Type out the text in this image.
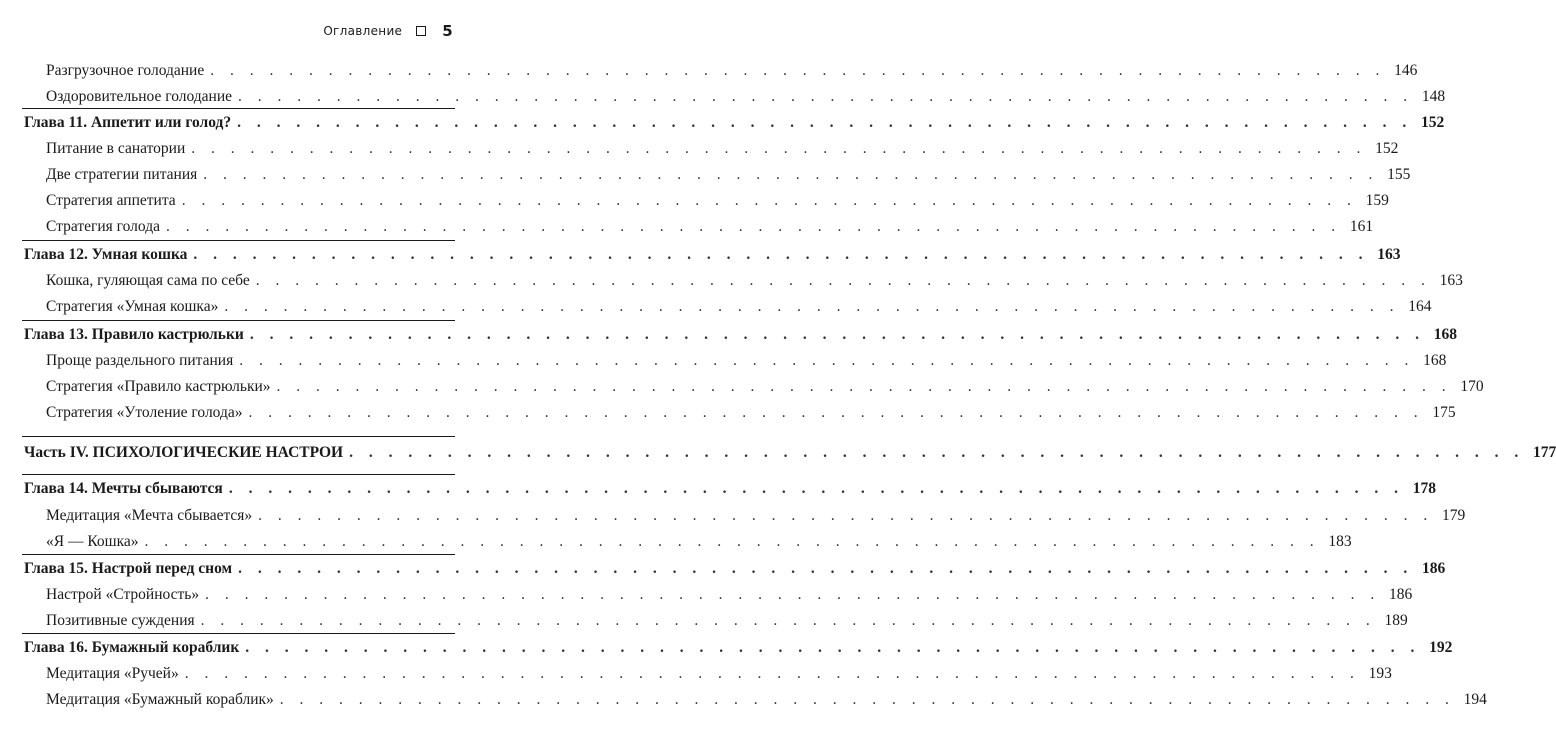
Оглавление	5
Разгрузочное голодание . . . . . . . . . . . . . . . . . . . . . . . . . . . . . . . . . . . . . . . . . . . . . . . . . . . . . . . . . . . . 146
Оздоровительное голодание . . . . . . . . . . . . . . . . . . . . . . . . . . . . . . . . . . . . . . . . . . . . . . . . . . . . . . . . . . . . 148
Глава 11. Аппетит или голод? . . . . . . . . . . . . . . . . . . . . . . . . . . . . . . . . . . . . . . . . . . . . . . . . . . . . . . . . . . . . 152
Питание в санатории . . . . . . . . . . . . . . . . . . . . . . . . . . . . . . . . . . . . . . . . . . . . . . . . . . . . . . . . . . . . 152
Две стратегии питания . . . . . . . . . . . . . . . . . . . . . . . . . . . . . . . . . . . . . . . . . . . . . . . . . . . . . . . . . . . . 155
Стратегия аппетита . . . . . . . . . . . . . . . . . . . . . . . . . . . . . . . . . . . . . . . . . . . . . . . . . . . . . . . . . . . . 159
Стратегия голода . . . . . . . . . . . . . . . . . . . . . . . . . . . . . . . . . . . . . . . . . . . . . . . . . . . . . . . . . . . . 161
Глава 12. Умная кошка . . . . . . . . . . . . . . . . . . . . . . . . . . . . . . . . . . . . . . . . . . . . . . . . . . . . . . . . . . . . 163
Кошка, гуляющая сама по себе . . . . . . . . . . . . . . . . . . . . . . . . . . . . . . . . . . . . . . . . . . . . . . . . . . . . . . . . . . . . 163
Стратегия «Умная кошка» . . . . . . . . . . . . . . . . . . . . . . . . . . . . . . . . . . . . . . . . . . . . . . . . . . . . . . . . . . . . 164
Глава 13. Правило кастрюльки . . . . . . . . . . . . . . . . . . . . . . . . . . . . . . . . . . . . . . . . . . . . . . . . . . . . . . . . . . . . 168
Проще раздельного питания . . . . . . . . . . . . . . . . . . . . . . . . . . . . . . . . . . . . . . . . . . . . . . . . . . . . . . . . . . . . 168
Стратегия «Правило кастрюльки» . . . . . . . . . . . . . . . . . . . . . . . . . . . . . . . . . . . . . . . . . . . . . . . . . . . . . . . . . . . . 170
Стратегия «Утоление голода» . . . . . . . . . . . . . . . . . . . . . . . . . . . . . . . . . . . . . . . . . . . . . . . . . . . . . . . . . . . . 175
Часть IV. ПСИХОЛОГИЧЕСКИЕ НАСТРОИ . . . . . . . . . . . . . . . . . . . . . . . . . . . . . . . . . . . . . . . . . . . . . . . . . . . . . . . . . . . . 177
Глава 14. Мечты сбываются . . . . . . . . . . . . . . . . . . . . . . . . . . . . . . . . . . . . . . . . . . . . . . . . . . . . . . . . . . . . 178
Медитация «Мечта сбывается» . . . . . . . . . . . . . . . . . . . . . . . . . . . . . . . . . . . . . . . . . . . . . . . . . . . . . . . . . . . . 179
«Я — Кошка» . . . . . . . . . . . . . . . . . . . . . . . . . . . . . . . . . . . . . . . . . . . . . . . . . . . . . . . . . . . . 183
Глава 15. Настрой перед сном . . . . . . . . . . . . . . . . . . . . . . . . . . . . . . . . . . . . . . . . . . . . . . . . . . . . . . . . . . . . 186
Настрой «Стройность» . . . . . . . . . . . . . . . . . . . . . . . . . . . . . . . . . . . . . . . . . . . . . . . . . . . . . . . . . . . . 186
Позитивные суждения . . . . . . . . . . . . . . . . . . . . . . . . . . . . . . . . . . . . . . . . . . . . . . . . . . . . . . . . . . . . 189
Глава 16. Бумажный кораблик . . . . . . . . . . . . . . . . . . . . . . . . . . . . . . . . . . . . . . . . . . . . . . . . . . . . . . . . . . . . 192
Медитация «Ручей» . . . . . . . . . . . . . . . . . . . . . . . . . . . . . . . . . . . . . . . . . . . . . . . . . . . . . . . . . . . . 193
Медитация «Бумажный кораблик» . . . . . . . . . . . . . . . . . . . . . . . . . . . . . . . . . . . . . . . . . . . . . . . . . . . . . . . . . . . . 194
